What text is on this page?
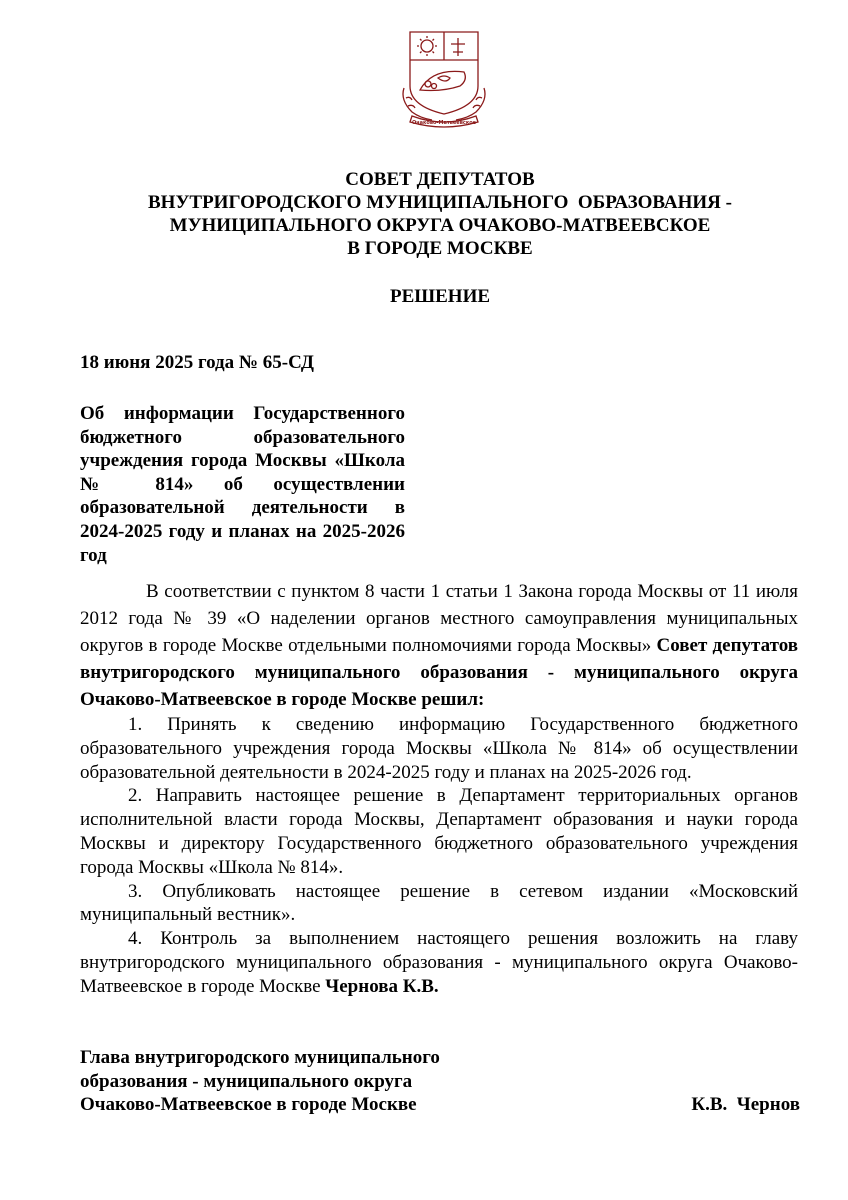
Очаково-Матвеевское
СОВЕТ ДЕПУТАТОВ
ВНУТРИГОРОДСКОГО МУНИЦИПАЛЬНОГО  ОБРАЗОВАНИЯ -
МУНИЦИПАЛЬНОГО ОКРУГА ОЧАКОВО-МАТВЕЕВСКОЕ
В ГОРОДЕ МОСКВЕ
РЕШЕНИЕ
18 июня 2025 года № 65-СД
Об информации Государственного бюджетного образовательного учреждения города Москвы «Школа № 814» об осуществлении образовательной деятельности в 2024-2025 году и планах на 2025-2026 год

В соответствии с пунктом 8 части 1 статьи 1 Закона города Москвы от 11 июля 2012 года № 39 «О наделении органов местного самоуправления муниципальных округов в городе Москве отдельными полномочиями города Москвы» Совет депутатов внутригородского муниципального образования - муниципального округа Очаково-Матвеевское в городе Москве решил:

1. Принять к сведению информацию Государственного бюджетного образовательного учреждения города Москвы «Школа № 814» об осуществлении образовательной деятельности в 2024-2025 году и планах на 2025-2026 год.

2. Направить настоящее решение в Департамент территориальных органов исполнительной власти города Москвы, Департамент образования и науки города Москвы и директору Государственного бюджетного образовательного учреждения города Москвы «Школа № 814».

3. Опубликовать настоящее решение в сетевом издании «Московский муниципальный вестник».

4. Контроль за выполнением настоящего решения возложить на главу внутригородского муниципального образования - муниципального округа Очаково-Матвеевское в городе Москве Чернова К.В.

Глава внутригородского муниципального
образования - муниципального округа
Очаково-Матвеевское в городе Москве	К.В.  Чернов
